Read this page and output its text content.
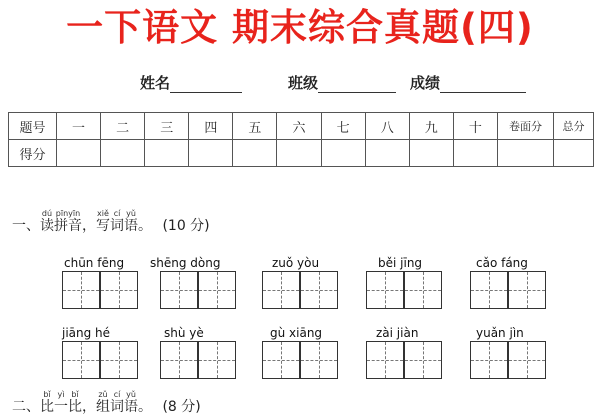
一下语文 期末综合真题(四)
姓名	班级	成绩
题号	一	二	三	四	五	六	七	八	九	十	卷面分	总分
得分												
一、读dú拼音pīnyīn，写xiě词cí语yǔ。 (10 分)
chūn fēng shēng dòng	zuǒ yòu	běi jīng	cǎo fáng
jiāng hé	shù yè	gù xiāng	zài jiàn	yuǎn jìn
二、比bǐ一yì比bǐ，组zǔ词cí语yǔ。 (8 分)
